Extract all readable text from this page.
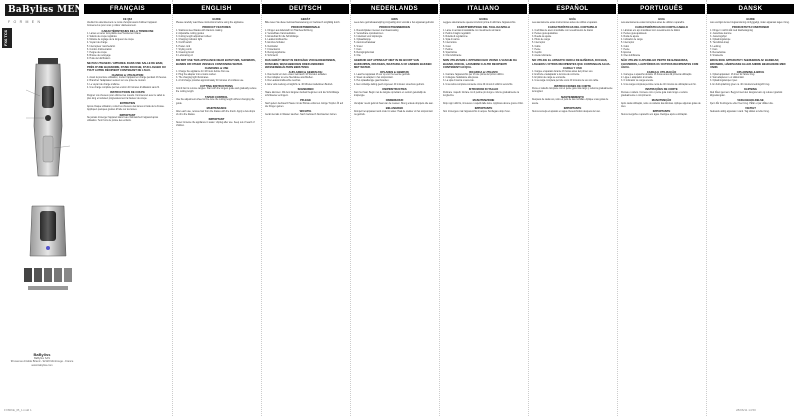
BaByliss MEN
F O R M E N
FX6 TC6
BaByliss
BaByliss SAS
99 avenue Aristide Briand - 92120 Montrouge - France
www.babyliss.com
FX806E_IB_1.indd 1	28/06/11 14:50
FRANÇAIS
CE QUI
Veuillez lire attentivement ce mode d'emploi avant d'utiliser l'appareil. Conservez-le pour vous y référer ultérieurement.
CARACTÉRISTIQUES DE LA TONDEUSE
1. Lames en acier inoxydable avec revêtement titane
2. Sabots de coupe réglables
3. Molette de réglage de la longueur de coupe
4. Voyant de charge
5. Interrupteur marche/arrêt
6. Cordon d'alimentation
7. Peigne de coupe
8. Brosse de nettoyage
9. Huile de lubrification
NE PAS UTILISER L'APPAREIL DANS UNE SALLE DE BAIN, PRÈS D'UNE BAIGNOIRE, D'UNE DOUCHE, D'UN LAVABO OU TOUT AUTRE RÉCIPIENT CONTENANT DE L'EAU.
CHARGE & UTILISATION
1. Avant la première utilisation, mettez l'appareil en charge pendant 16 heures.
2. Branchez l'adaptateur secteur sur une prise de courant.
3. Le voyant de charge s'allume.
4. Une charge complète permet environ 40 minutes d'utilisation sans fil.
INSTRUCTIONS DE COUPE
Peignez vos cheveux pour éliminer les nœuds. Commencez avec le sabot le plus long et réduisez progressivement la hauteur de coupe.
ENTRETIEN
Après chaque utilisation, retirez les cheveux des lames à l'aide de la brosse. Appliquez quelques gouttes d'huile sur les lames.
IMPORTANT
Ne jamais immerger l'appareil dans l'eau. Débranchez l'appareil après utilisation. Tenir hors de portée des enfants.
ENGLISH
GUIDE
Please carefully read these instructions before using the appliance.
PRODUCT FEATURES
1. Stainless steel blades with titanium coating
2. Adjustable cutting guides
3. Cutting length adjustment wheel
4. Charging indicator light
5. On/off switch
6. Power cord
7. Styling comb
8. Cleaning brush
9. Lubricating oil
DO NOT USE THIS APPLIANCE NEAR BATHTUBS, SHOWERS, BASINS OR OTHER VESSELS CONTAINING WATER.
CHARGING & USE
1. Charge the appliance for 16 hours before first use.
2. Plug the adapter into a mains socket.
3. The charging light illuminates.
4. A full charge provides approximately 40 minutes of cordless use.
CUTTING INSTRUCTIONS
Comb hair to remove tangles. Start with the longest guide and gradually reduce the cutting length.
TAPER CONTROL
Use the adjustment wheel to fine-tune the cutting length without changing the guide.
MAINTENANCE
After each use, remove hair from the blades with the brush. Apply a few drops of oil to the blades.
IMPORTANT
Never immerse the appliance in water. Unplug after use. Keep out of reach of children.
DEUTSCH
GERÄT
Bitte lesen Sie diese Gebrauchsanweisung vor Gebrauch sorgfältig durch.
PRODUKTMERKMALE
1. Klingen aus Edelstahl mit Titanbeschichtung
2. Verstellbare Kammaufsätze
3. Einstellrad für die Schnittlänge
4. Ladekontrollleuchte
5. Ein/Aus-Schalter
6. Netzkabel
7. Frisierkamm
8. Reinigungsbürste
9. Schmieröl
DAS GERÄT NICHT IN DER NÄHE VON BADEWANNEN, DUSCHEN, WASCHBECKEN ODER ANDEREN WASSERBEHÄLTERN BENUTZEN.
AUFLADEN & GEBRAUCH
1. Das Gerät vor dem ersten Gebrauch 16 Stunden aufladen.
2. Den Adapter an eine Steckdose anschließen.
3. Die Ladekontrollleuchte leuchtet.
4. Eine volle Ladung ermöglicht ca. 40 Minuten kabellosen Betrieb.
SCHNEIDEN
Haare kämmen. Mit dem längsten Aufsatz beginnen und die Schnittlänge schrittweise verringern.
PFLEGE
Nach jedem Gebrauch Haare mit der Bürste entfernen. Einige Tropfen Öl auf die Klingen geben.
WICHTIG
Gerät niemals in Wasser tauchen. Nach Gebrauch Netzstecker ziehen.
NEDERLANDS
GIDS
Lees deze gebruiksaanwijzing zorgvuldig door voordat u het apparaat gebruikt.
PRODUCTKENMERKEN
1. Roestvrijstalen messen met titaancoating
2. Verstelbare opzetkammen
3. Instelwiel voor kniplengte
4. Oplaadlampje
5. Aan/uit-schakelaar
6. Snoer
7. Kam
8. Reinigingsborstel
9. Olie
GEBRUIK HET APPARAAT NIET IN DE BUURT VAN BADKUIPEN, DOUCHES, WASTAFELS OF ANDERE BAKKEN MET WATER.
OPLADEN & GEBRUIK
1. Laad het apparaat 16 uur op voor het eerste gebruik.
2. Steek de adapter in het stopcontact.
3. Het oplaadlampje gaat branden.
4. Een volledige lading geeft ongeveer 40 minuten snoerloos gebruik.
KNIPINSTRUCTIES
Kam het haar. Begin met de langste opzetkam en verkort geleidelijk de kniplengte.
ONDERHOUD
Verwijder na elk gebruik haar van de messen. Breng enkele druppels olie aan.
BELANGRIJK
Dompel het apparaat nooit onder in water. Haal de stekker uit het stopcontact na gebruik.
ITALIANO
GUIDA
Leggere attentamente queste istruzioni prima di utilizzare l'apparecchio.
CARATTERISTICHE DEL TAGLIACAPELLI
1. Lame in acciaio inossidabile con rivestimento al titanio
2. Pettini di taglio regolabili
3. Rotella di regolazione
4. Spia di carica
5. Interruttore
6. Cavo
7. Pettine
8. Spazzolina
9. Olio lubrificante
NON UTILIZZARE L'APPARECCHIO VICINO A VASCHE DA BAGNO, DOCCE, LAVANDINI O ALTRI RECIPIENTI CONTENENTI ACQUA.
RICARICA & UTILIZZO
1. Caricare l'apparecchio per 16 ore prima del primo utilizzo.
2. Collegare l'adattatore alla presa.
3. La spia di carica si accende.
4. Una carica completa consente circa 40 minuti di utilizzo senza filo.
ISTRUZIONI DI TAGLIO
Pettinare i capelli. Iniziare con il pettine più lungo e ridurre gradualmente la lunghezza.
MANUTENZIONE
Dopo ogni utilizzo, rimuovere i capelli dalle lame. Applicare alcune gocce d'olio.
IMPORTANTE
Non immergere mai l'apparecchio in acqua. Scollegare dopo l'uso.
ESPAÑOL
GUÍA
Lea atentamente estas instrucciones antes de utilizar el aparato.
CARACTERÍSTICAS DEL CORTAPELO
1. Cuchillas de acero inoxidable con revestimiento de titanio
2. Peines guía ajustables
3. Rueda de ajuste
4. Piloto de carga
5. Interruptor
6. Cable
7. Peine
8. Cepillo
9. Aceite lubricante
NO UTILICE EL APARATO CERCA DE BAÑERAS, DUCHAS, LAVABOS U OTROS RECIPIENTES QUE CONTENGAN AGUA.
CARGA Y USO
1. Cargue el aparato durante 16 horas antes del primer uso.
2. Enchufe el adaptador a la toma de corriente.
3. El piloto de carga se enciende.
4. Una carga completa permite unos 40 minutos de uso sin cable.
INSTRUCCIONES DE CORTE
Peine el cabello. Empiece con el peine guía más largo y reduzca gradualmente la longitud.
MANTENIMIENTO
Después de cada uso, retire el pelo de las cuchillas. Aplique unas gotas de aceite.
IMPORTANTE
Nunca sumerja el aparato en agua. Desenchúfelo después del uso.
PORTUGUÊS
GUIA
Leia atentamente estas instruções antes de utilizar o aparelho.
CARACTERÍSTICAS DO CORTA-CABELO
1. Lâminas em aço inoxidável com revestimento de titânio
2. Pentes guia ajustáveis
3. Roda de ajuste
4. Indicador de carga
5. Interruptor
6. Cabo
7. Pente
8. Escova
9. Óleo lubrificante
NÃO UTILIZE O APARELHO PERTO DE BANHEIRAS, CHUVEIROS, LAVATÓRIOS OU OUTROS RECIPIENTES COM ÁGUA.
CARGA E UTILIZAÇÃO
1. Carregue o aparelho durante 16 horas antes da primeira utilização.
2. Ligue o adaptador à tomada.
3. O indicador de carga acende.
4. Uma carga completa permite cerca de 40 minutos de utilização sem fio.
INSTRUÇÕES DE CORTE
Penteie o cabelo. Comece com o pente guia mais longo e reduza gradualmente o comprimento.
MANUTENÇÃO
Após cada utilização, retire os cabelos das lâminas. Aplique algumas gotas de óleo.
IMPORTANTE
Nunca mergulhe o aparelho em água. Desligue após a utilização.
DANSK
GUIDE
Læs venligst denne brugsanvisning omhyggeligt, inden apparatet tages i brug.
PRODUKTETS FUNKTIONER
1. Klinger i rustfrit stål med titanbelægning
2. Justerbare kamme
3. Justeringshjul
4. Opladningslampe
5. Tænd/sluk-knap
6. Ledning
7. Kam
8. Rensebørste
9. Smøreolie
BRUG IKKE APPARATET I NÆRHEDEN AF BADEKAR, BRUSERE, HÅNDVASKE ELLER ANDRE BEHOLDERE MED VAND.
OPLADNING & BRUG
1. Oplad apparatet i 16 timer før første brug.
2. Sæt adapteren i en stikkontakt.
3. Opladningslampen lyser.
4. En fuld opladning giver ca. 40 minutters ledningsfri brug.
KLIPNING
Red håret igennem. Begynd med den længste kam og reducer gradvist klippelængden.
VEDLIGEHOLDELSE
Fjern hår fra klingerne efter hver brug. Påfør et par dråber olie.
VIGTIGT
Nedsænk aldrig apparatet i vand. Tag stikket ud efter brug.
